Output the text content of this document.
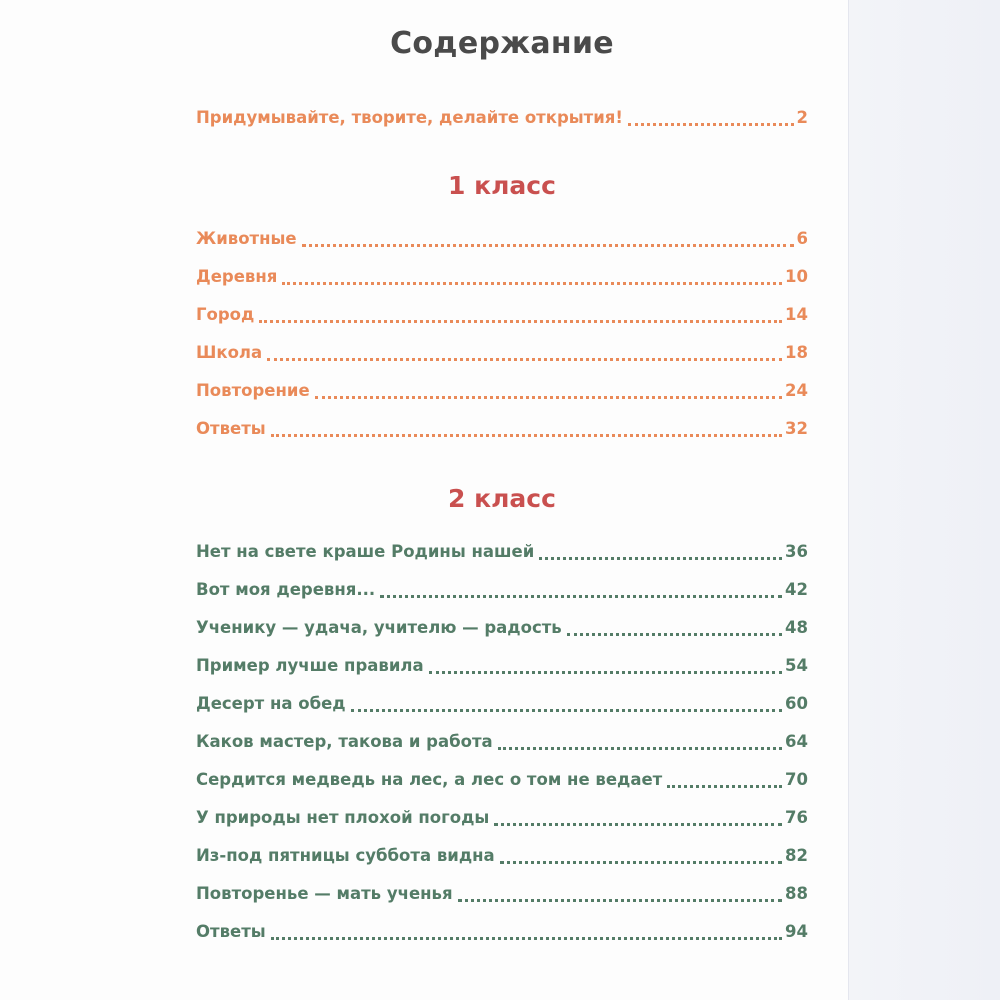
Содержание
Придумывайте, творите, делайте открытия!	2
1 класс
Животные	6
Деревня	10
Город	14
Школа	18
Повторение	24
Ответы	32
2 класс
Нет на свете краше Родины нашей	36
Вот моя деревня...	42
Ученику — удача, учителю — радость	48
Пример лучше правила	54
Десерт на обед	60
Каков мастер, такова и работа	64
Сердится медведь на лес, а лес о том не ведает	70
У природы нет плохой погоды	76
Из-под пятницы суббота видна	82
Повторенье — мать ученья	88
Ответы	94
